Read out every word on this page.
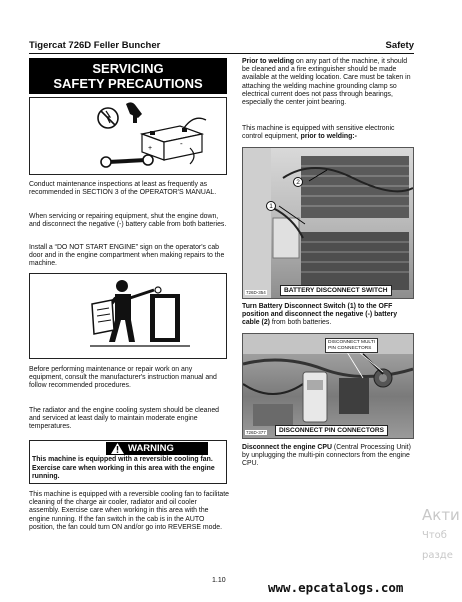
Tigercat 726D Feller Buncher	Safety
SERVICING
SAFETY PRECAUTIONS
+
-
Conduct maintenance inspections at least as frequently as recommended in SECTION 3 of the OPERATOR'S MANUAL.
When servicing or repairing equipment, shut the engine down, and disconnect the negative (-) battery cable from both batteries.
Install a “DO NOT START ENGINE” sign on the operator's cab door and in the engine compartment when making repairs to the machine.
Before performing maintenance or repair work on any equipment, consult the manufacturer's instruction manual and follow recommended procedures.
The radiator and the engine cooling system should be cleaned and serviced at least daily to maintain moderate engine temperatures.
WARNING
This machine is equipped with a reversible cooling fan. Exercise care when working in this area with the engine running.
This machine is equipped with a reversible cooling fan to facilitate cleaning of the charge air cooler, radiator and oil cooler assembly. Exercise care when working in this area with the engine running. If the fan switch in the cab is in the AUTO position, the fan could turn ON and/or go into REVERSE mode.
Prior to welding on any part of the machine, it should be cleaned and a fire extinguisher should be made available at the welding location. Care must be taken in attaching the welding machine grounding clamp so electrical current does not pass through bearings, especially the center joint bearing.
This machine is equipped with sensitive electronic control equipment, prior to welding:-
1
2
726D-354	BATTERY DISCONNECT SWITCH
Turn Battery Disconnect Switch (1) to the OFF position and disconnect the negative (-) battery cable (2) from both batteries.
DISCONNECT MULTI
PIN CONNECTORS
726D-377	DISCONNECT PIN CONNECTORS
Disconnect the engine CPU (Central Processing Unit) by unplugging the multi-pin connectors from the engine CPU.
Акти
Чтоб
разде
1.10	www.epcatalogs.com
